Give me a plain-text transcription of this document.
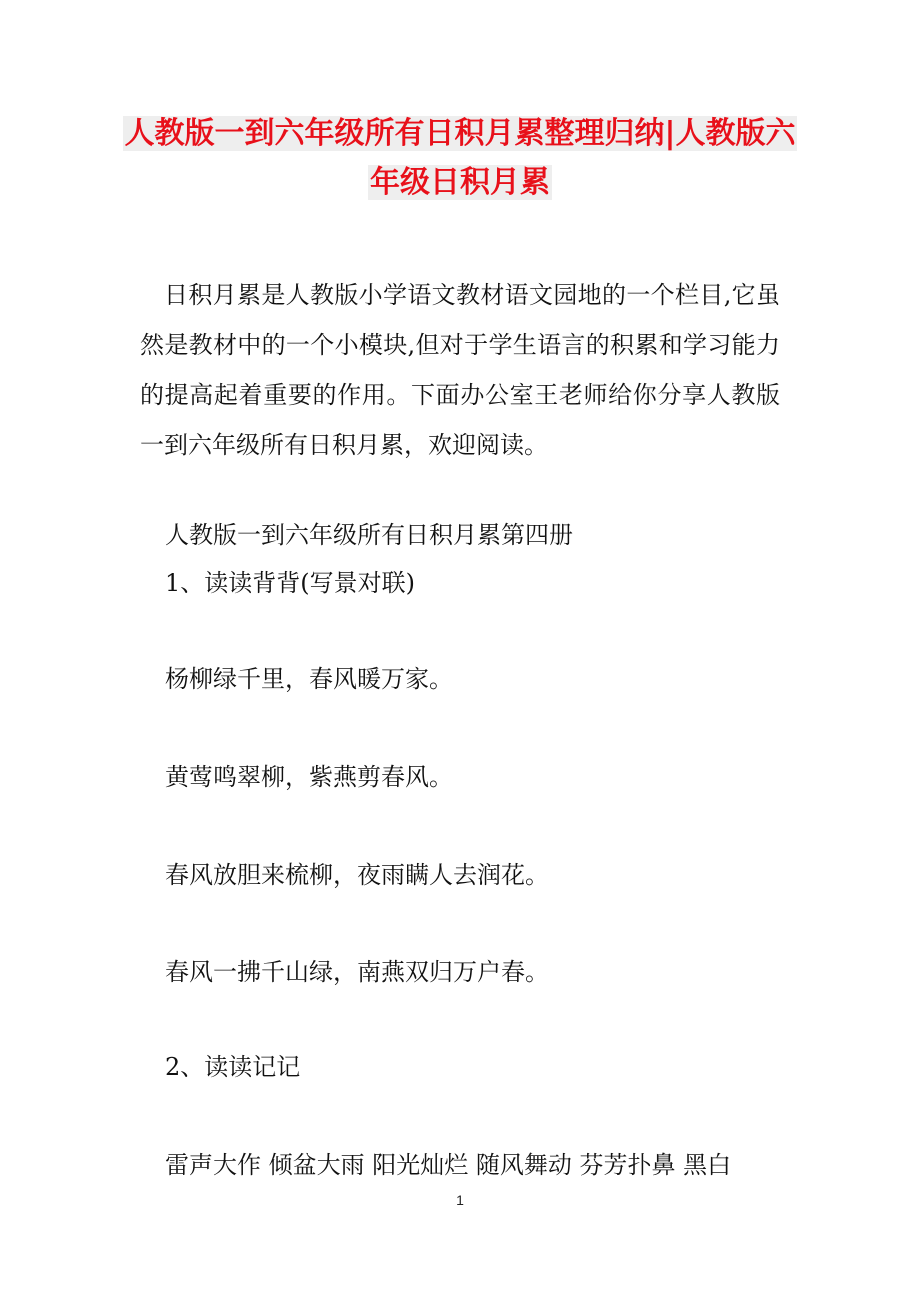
人教版一到六年级所有日积月累整理归纳|人教版六
年级日积月累
日积月累是人教版小学语文教材语文园地的一个栏目,它虽然是教材中的一个小模块,但对于学生语言的积累和学习能力的提高起着重要的作用。下面办公室王老师给你分享人教版一到六年级所有日积月累，欢迎阅读。
人教版一到六年级所有日积月累第四册
1、读读背背(写景对联)
杨柳绿千里，春风暖万家。
黄莺鸣翠柳，紫燕剪春风。
春风放胆来梳柳，夜雨瞒人去润花。
春风一拂千山绿，南燕双归万户春。
2、读读记记
雷声大作 倾盆大雨 阳光灿烂 随风舞动 芬芳扑鼻 黑白
1
